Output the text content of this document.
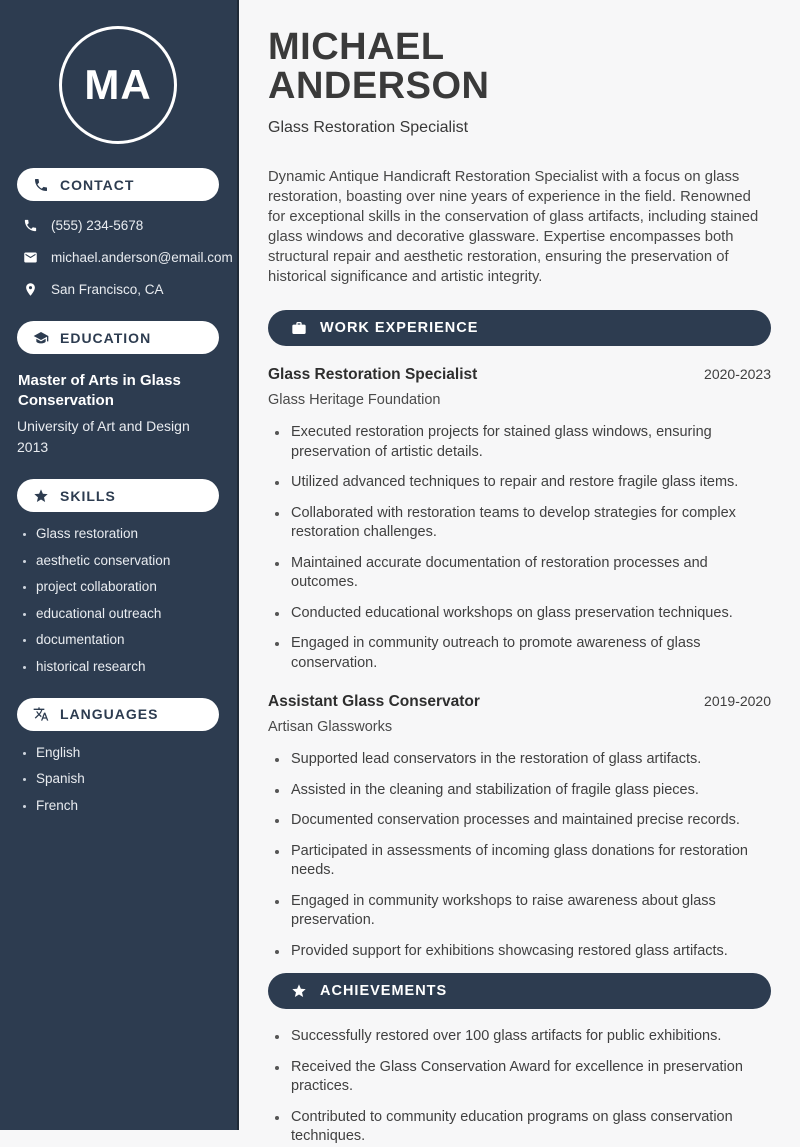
MA
CONTACT
(555) 234-5678
michael.anderson@email.com
San Francisco, CA
EDUCATION
Master of Arts in Glass Conservation
University of Art and Design
2013
SKILLS
• Glass restoration
• aesthetic conservation
• project collaboration
• educational outreach
• documentation
• historical research
LANGUAGES
• English
• Spanish
• French
MICHAEL
ANDERSON
Glass Restoration Specialist

Dynamic Antique Handicraft Restoration Specialist with a focus on glass restoration, boasting over nine years of experience in the field. Renowned for exceptional skills in the conservation of glass artifacts, including stained glass windows and decorative glassware. Expertise encompasses both structural repair and aesthetic restoration, ensuring the preservation of historical significance and artistic integrity.

WORK EXPERIENCE
Glass Restoration Specialist	2020-2023
Glass Heritage Foundation
• Executed restoration projects for stained glass windows, ensuring preservation of artistic details.
• Utilized advanced techniques to repair and restore fragile glass items.
• Collaborated with restoration teams to develop strategies for complex restoration challenges.
• Maintained accurate documentation of restoration processes and outcomes.
• Conducted educational workshops on glass preservation techniques.
• Engaged in community outreach to promote awareness of glass conservation.
Assistant Glass Conservator	2019-2020
Artisan Glassworks
• Supported lead conservators in the restoration of glass artifacts.
• Assisted in the cleaning and stabilization of fragile glass pieces.
• Documented conservation processes and maintained precise records.
• Participated in assessments of incoming glass donations for restoration needs.
• Engaged in community workshops to raise awareness about glass preservation.
• Provided support for exhibitions showcasing restored glass artifacts.
ACHIEVEMENTS
• Successfully restored over 100 glass artifacts for public exhibitions.
• Received the Glass Conservation Award for excellence in preservation practices.
• Contributed to community education programs on glass conservation techniques.
